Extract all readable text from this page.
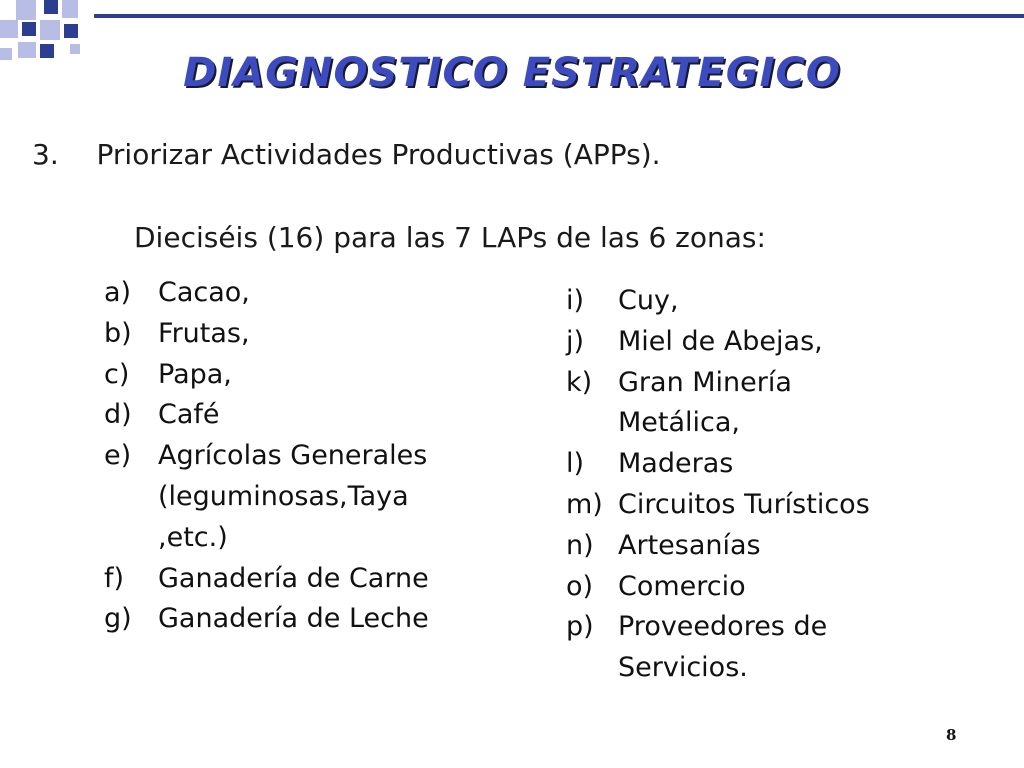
DIAGNOSTICO ESTRATEGICO
3. Priorizar Actividades Productivas (APPs).
Dieciséis (16) para las 7 LAPs de las 6 zonas:
a) Cacao,
b) Frutas,
c)	Papa,
d) Café
e) Agrícolas Generales (leguminosas,Taya ,etc.)
f)	Ganadería de Carne
g) Ganadería de Leche
i)	Cuy,
j)	Miel de Abejas,
k) Gran Minería Metálica,
l)	Maderas
m) Circuitos Turísticos
n) Artesanías
o) Comercio
p) Proveedores de Servicios.
8
